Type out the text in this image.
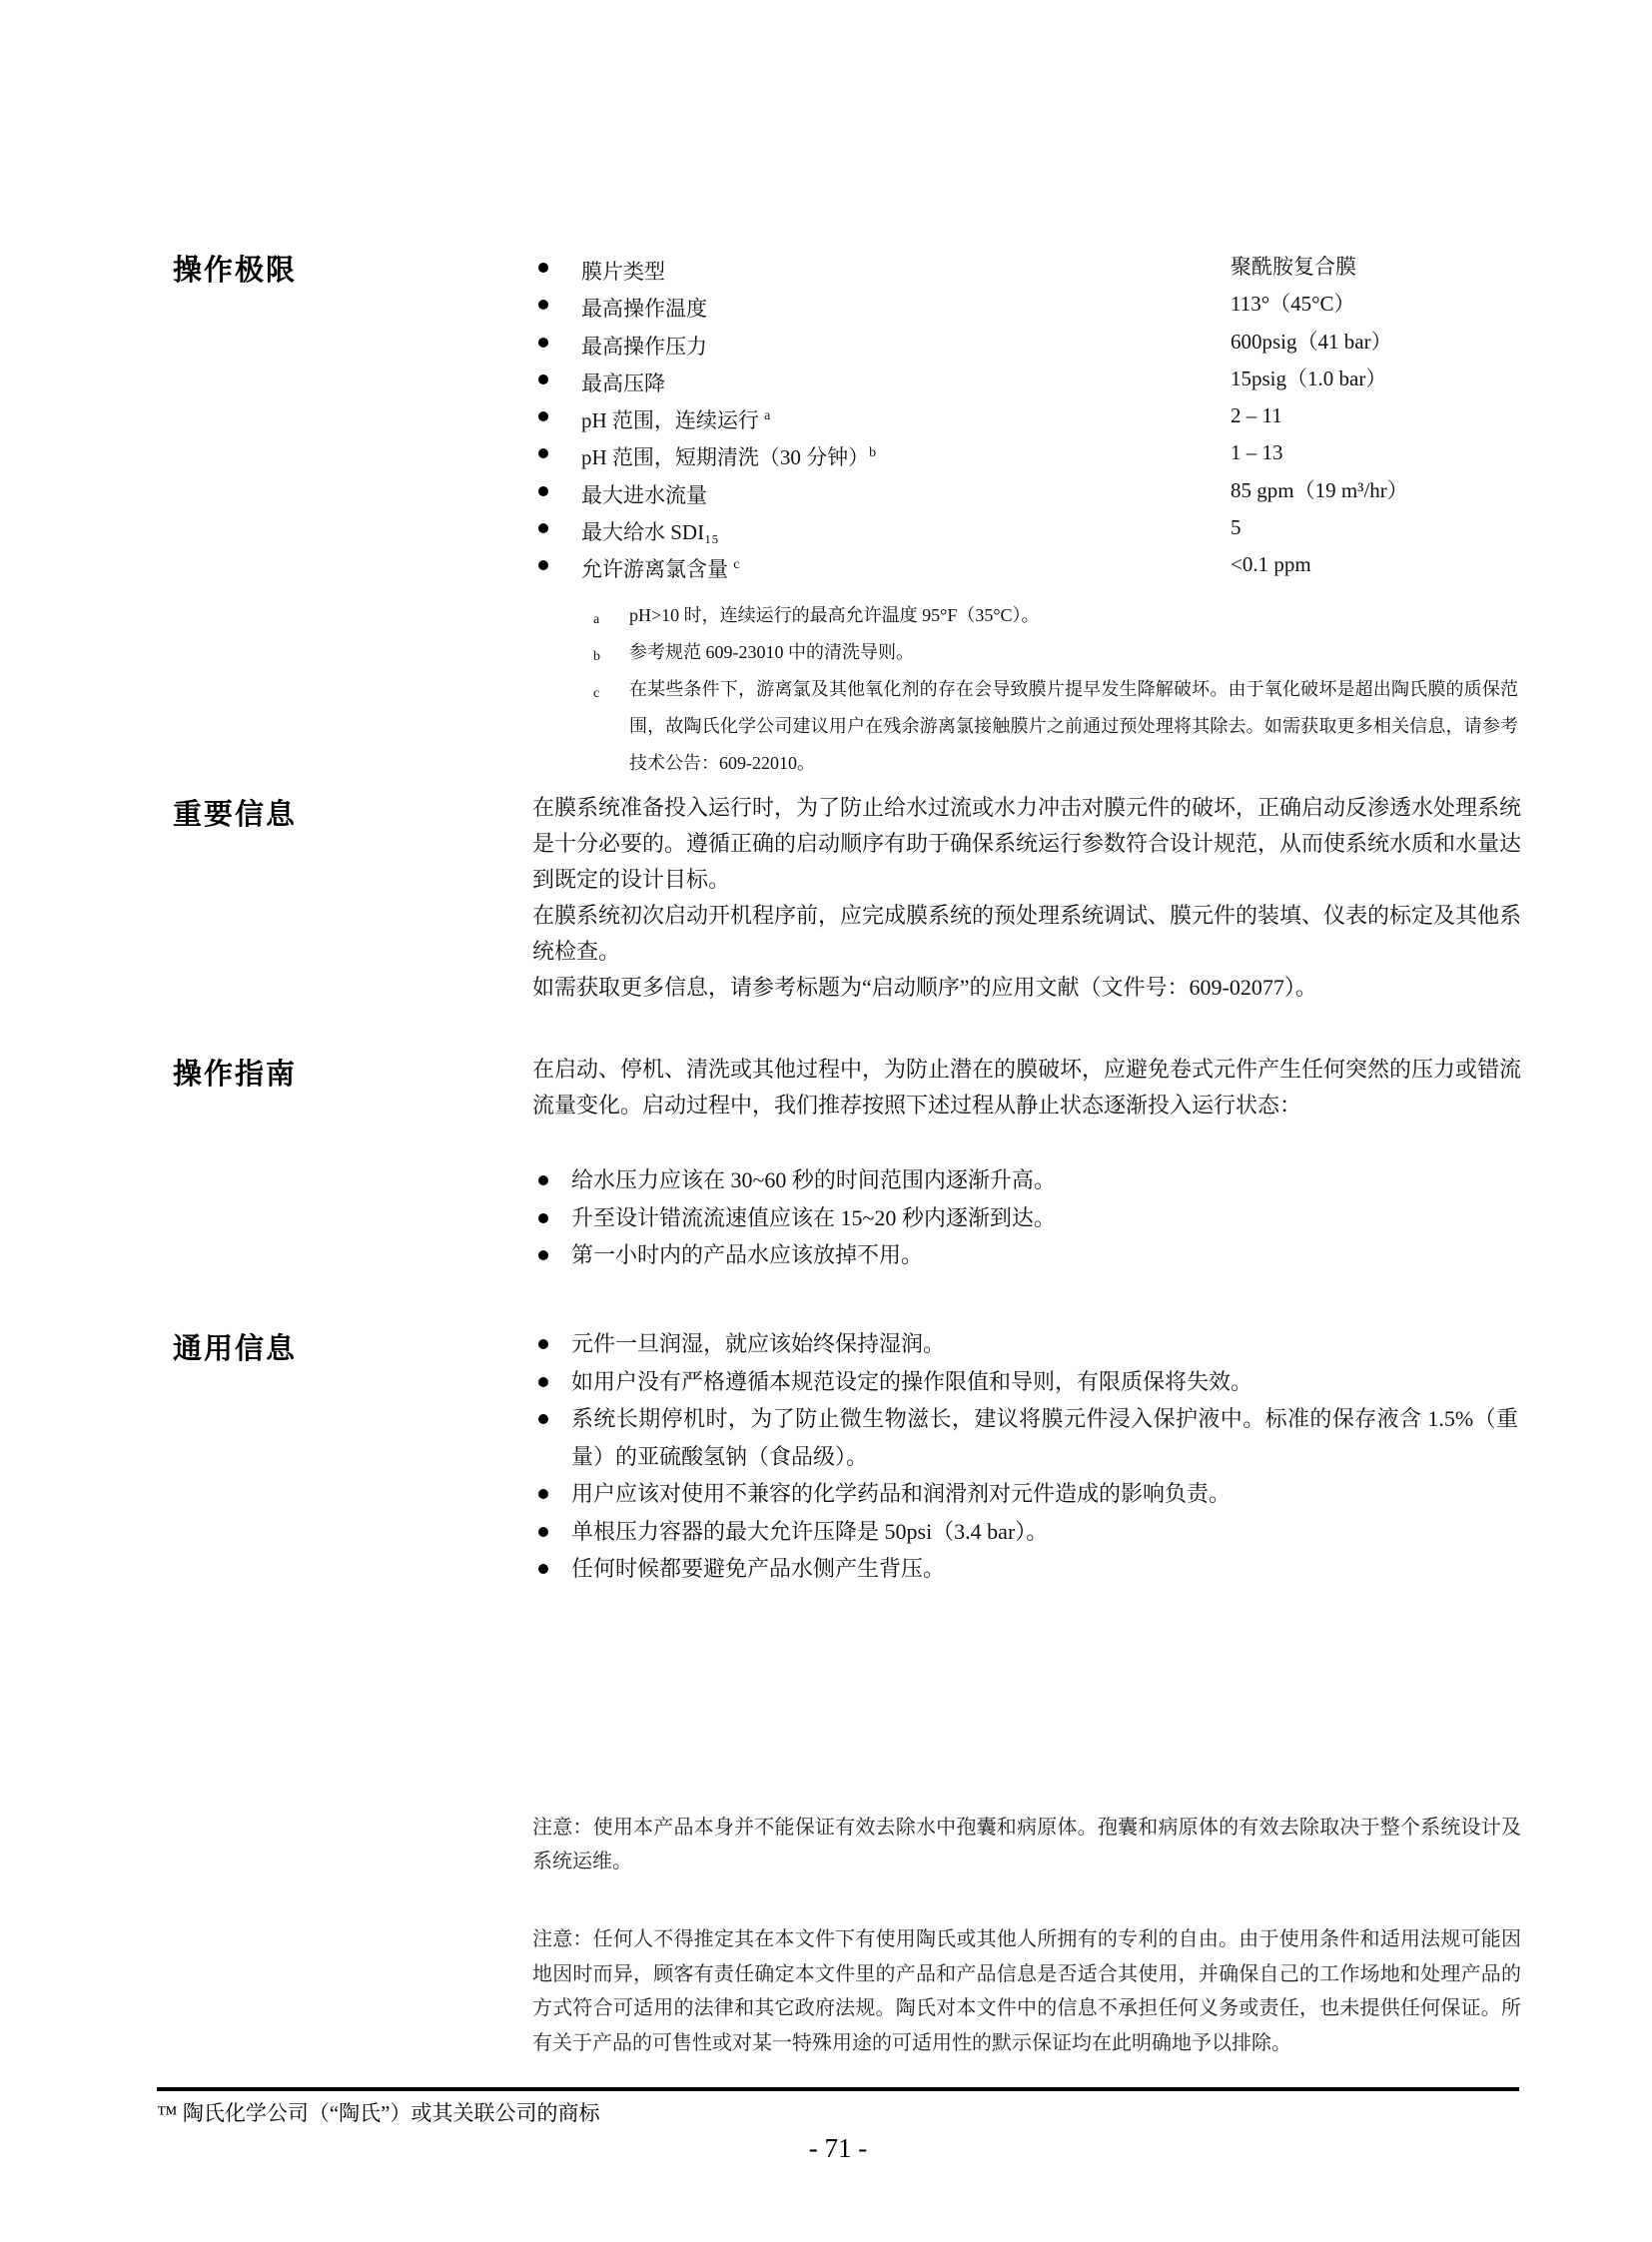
操作极限	膜片类型	聚酰胺复合膜
最高操作温度	113°（45°C）
最高操作压力	600psig（41 bar）
最高压降	15psig（1.0 bar）
pH 范围，连续运行 $^a$	2 – 11
pH 范围，短期清洗（30 分钟）$^b$	1 – 13
最大进水流量	85 gpm（19 m³/hr）
最大给水 SDI₁₅	5
允许游离氯含量 $^c$	<0.1 ppm
a pH>10 时，连续运行的最高允许温度 95°F（35°C）。
b 参考规范 609-23010 中的清洗导则。
c 在某些条件下，游离氯及其他氧化剂的存在会导致膜片提早发生降解破坏。由于氧化破坏是超出陶氏膜的质保范围，故陶氏化学公司建议用户在残余游离氯接触膜片之前通过预处理将其除去。如需获取更多相关信息，请参考技术公告：609-22010。
重要信息	在膜系统准备投入运行时，为了防止给水过流或水力冲击对膜元件的破坏，正确启动反渗透水处理系统是十分必要的。遵循正确的启动顺序有助于确保系统运行参数符合设计规范，从而使系统水质和水量达到既定的设计目标。

在膜系统初次启动开机程序前，应完成膜系统的预处理系统调试、膜元件的装填、仪表的标定及其他系统检查。

如需获取更多信息，请参考标题为“启动顺序”的应用文献（文件号：609-02077）。

操作指南	在启动、停机、清洗或其他过程中，为防止潜在的膜破坏，应避免卷式元件产生任何突然的压力或错流流量变化。启动过程中，我们推荐按照下述过程从静止状态逐渐投入运行状态：

给水压力应该在 30~60 秒的时间范围内逐渐升高。
升至设计错流流速值应该在 15~20 秒内逐渐到达。
第一小时内的产品水应该放掉不用。
通用信息	元件一旦润湿，就应该始终保持湿润。
如用户没有严格遵循本规范设定的操作限值和导则，有限质保将失效。
系统长期停机时，为了防止微生物滋长，建议将膜元件浸入保护液中。标准的保存液含 1.5%（重量）的亚硫酸氢钠（食品级）。
用户应该对使用不兼容的化学药品和润滑剂对元件造成的影响负责。
单根压力容器的最大允许压降是 50psi（3.4 bar）。
任何时候都要避免产品水侧产生背压。
注意：使用本产品本身并不能保证有效去除水中孢囊和病原体。孢囊和病原体的有效去除取决于整个系统设计及系统运维。
注意：任何人不得推定其在本文件下有使用陶氏或其他人所拥有的专利的自由。由于使用条件和适用法规可能因地因时而异，顾客有责任确定本文件里的产品和产品信息是否适合其使用，并确保自己的工作场地和处理产品的方式符合可适用的法律和其它政府法规。陶氏对本文件中的信息不承担任何义务或责任，也未提供任何保证。所有关于产品的可售性或对某一特殊用途的可适用性的默示保证均在此明确地予以排除。
™ 陶氏化学公司（“陶氏”）或其关联公司的商标
- 71 -
